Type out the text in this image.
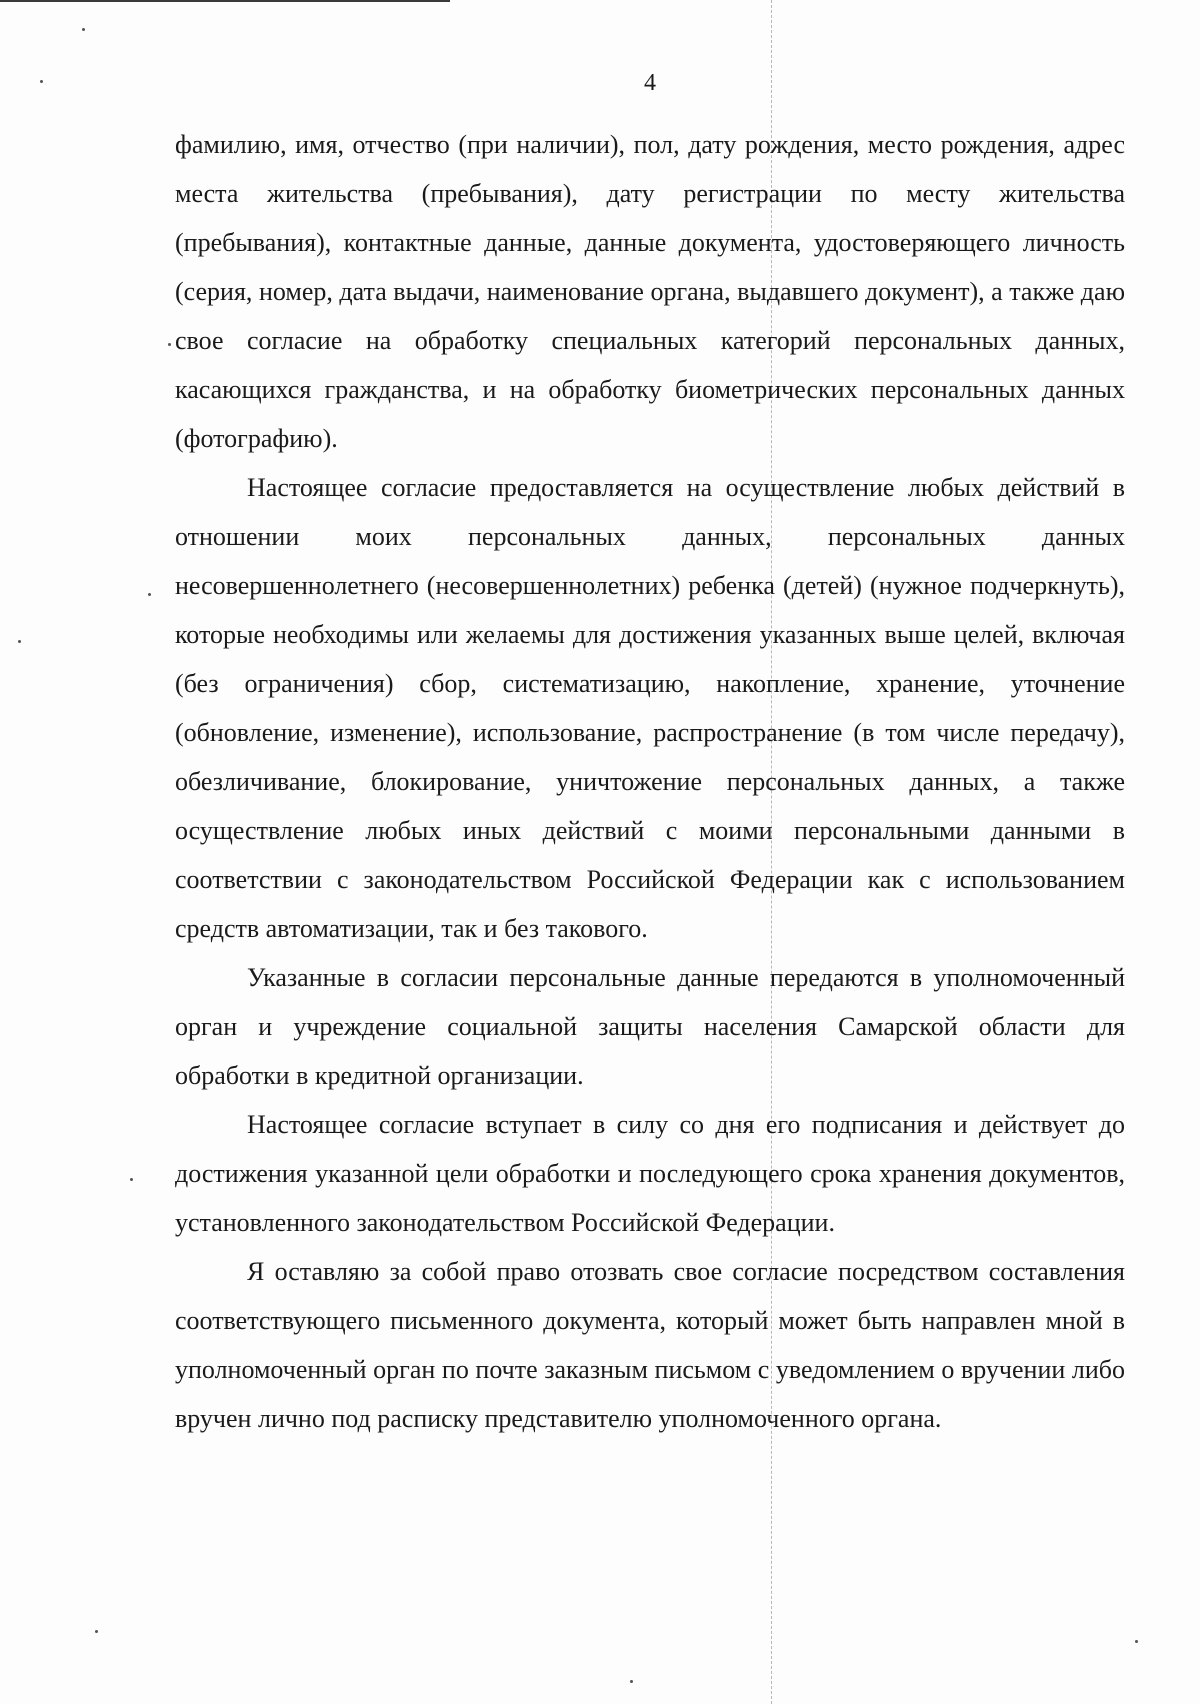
4

фамилию, имя, отчество (при наличии), пол, дату рождения, место рождения, адрес места жительства (пребывания), дату регистрации по месту жительства (пребывания), контактные данные, данные документа, удостоверяющего личность (серия, номер, дата выдачи, наименование органа, выдавшего документ), а также даю свое согласие на обработку специальных категорий персональных данных, касающихся гражданства, и на обработку биометрических персональных данных (фотографию).

Настоящее согласие предоставляется на осуществление любых действий в отношении моих персональных данных, персональных данных несовершеннолетнего (несовершеннолетних) ребенка (детей) (нужное подчеркнуть), которые необходимы или желаемы для достижения указанных выше целей, включая (без ограничения) сбор, систематизацию, накопление, хранение, уточнение (обновление, изменение), использование, распространение (в том числе передачу), обезличивание, блокирование, уничтожение персональных данных, а также осуществление любых иных действий с моими персональными данными в соответствии с законодательством Российской Федерации как с использованием средств автоматизации, так и без такового.

Указанные в согласии персональные данные передаются в уполномоченный орган и учреждение социальной защиты населения Самарской области для обработки в кредитной организации.

Настоящее согласие вступает в силу со дня его подписания и действует до достижения указанной цели обработки и последующего срока хранения документов, установленного законодательством Российской Федерации.

Я оставляю за собой право отозвать свое согласие посредством составления соответствующего письменного документа, который может быть направлен мной в уполномоченный орган по почте заказным письмом с уведомлением о вручении либо вручен лично под расписку представителю уполномоченного органа.
